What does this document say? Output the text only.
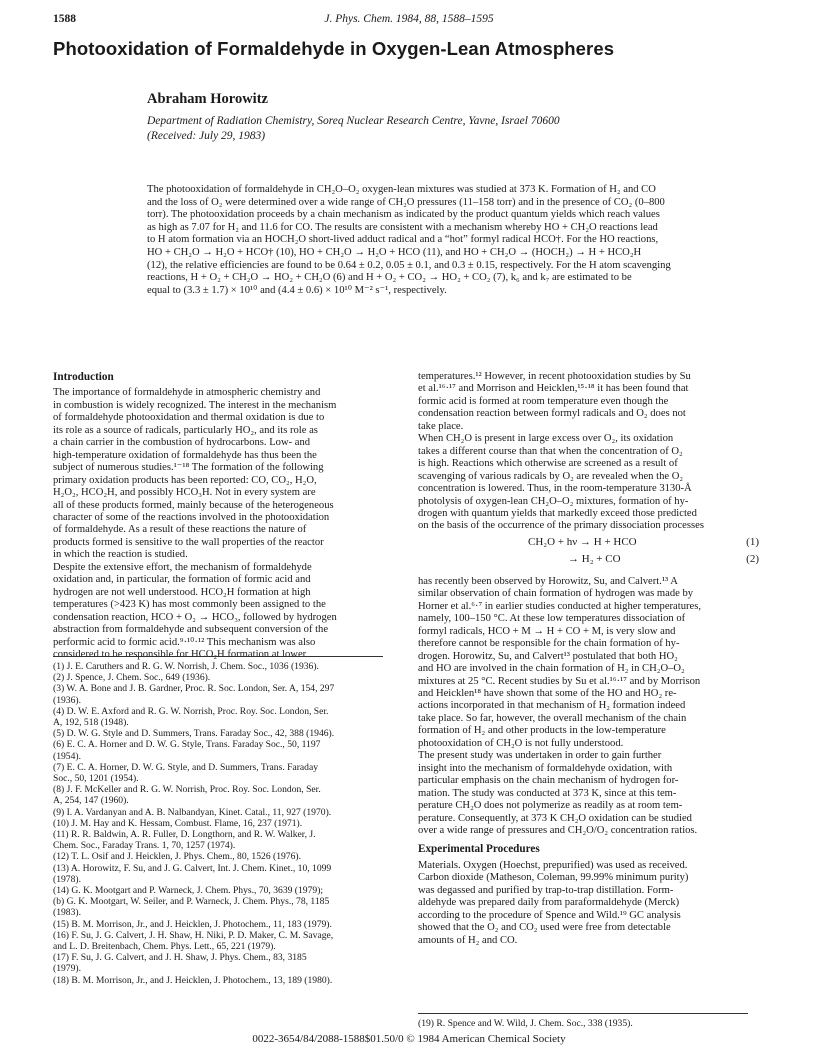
1588	J. Phys. Chem. 1984, 88, 1588–1595
Photooxidation of Formaldehyde in Oxygen-Lean Atmospheres
Abraham Horowitz
Department of Radiation Chemistry, Soreq Nuclear Research Centre, Yavne, Israel 70600
(Received: July 29, 1983)
The photooxidation of formaldehyde in CH₂O–O₂ oxygen-lean mixtures was studied at 373 K. Formation of H₂ and CO
and the loss of O₂ were determined over a wide range of CH₂O pressures (11–158 torr) and in the presence of CO₂ (0–800
torr). The photooxidation proceeds by a chain mechanism as indicated by the product quantum yields which reach values
as high as 7.07 for H₂ and 11.6 for CO. The results are consistent with a mechanism whereby HO + CH₂O reactions lead
to H atom formation via an HOCH₂O short-lived adduct radical and a “hot” formyl radical HCO†. For the HO reactions,
HO + CH₂O → H₂O + HCO† (10), HO + CH₂O → H₂O + HCO (11), and HO + CH₂O → (HOCH₂) → H + HCO₂H
(12), the relative efficiencies are found to be 0.64 ± 0.2, 0.05 ± 0.1, and 0.3 ± 0.15, respectively. For the H atom scavenging
reactions, H + O₂ + CH₂O → HO₂ + CH₂O (6) and H + O₂ + CO₂ → HO₂ + CO₂ (7), k₆ and k₇ are estimated to be
equal to (3.3 ± 1.7) × 10¹⁰ and (4.4 ± 0.6) × 10¹⁰ M⁻² s⁻¹, respectively.
Introduction
The importance of formaldehyde in atmospheric chemistry and
in combustion is widely recognized. The interest in the mechanism
of formaldehyde photooxidation and thermal oxidation is due to
its role as a source of radicals, particularly HO₂, and its role as
a chain carrier in the combustion of hydrocarbons. Low- and
high-temperature oxidation of formaldehyde has thus been the
subject of numerous studies.¹⁻¹⁸ The formation of the following
primary oxidation products has been reported: CO, CO₂, H₂O,
H₂O₂, HCO₂H, and possibly HCO₃H. Not in every system are
all of these products formed, mainly because of the heterogeneous
character of some of the reactions involved in the photooxidation
of formaldehyde. As a result of these reactions the nature of
products formed is sensitive to the wall properties of the reactor
in which the reaction is studied.
Despite the extensive effort, the mechanism of formaldehyde
oxidation and, in particular, the formation of formic acid and
hydrogen are not well understood. HCO₂H formation at high
temperatures (>423 K) has most commonly been assigned to the
condensation reaction, HCO + O₂ → HCO₃, followed by hydrogen
abstraction from formaldehyde and subsequent conversion of the
performic acid to formic acid.⁹·¹⁰·¹² This mechanism was also
considered to be responsible for HCO₂H formation at lower
(1) J. E. Caruthers and R. G. W. Norrish, J. Chem. Soc., 1036 (1936).
(2) J. Spence, J. Chem. Soc., 649 (1936).
(3) W. A. Bone and J. B. Gardner, Proc. R. Soc. London, Ser. A, 154, 297
(1936).
(4) D. W. E. Axford and R. G. W. Norrish, Proc. Roy. Soc. London, Ser.
A, 192, 518 (1948).
(5) D. W. G. Style and D. Summers, Trans. Faraday Soc., 42, 388 (1946).
(6) E. C. A. Horner and D. W. G. Style, Trans. Faraday Soc., 50, 1197
(1954).
(7) E. C. A. Horner, D. W. G. Style, and D. Summers, Trans. Faraday
Soc., 50, 1201 (1954).
(8) J. F. McKeller and R. G. W. Norrish, Proc. Roy. Soc. London, Ser.
A, 254, 147 (1960).
(9) I. A. Vardanyan and A. B. Nalbandyan, Kinet. Catal., 11, 927 (1970).
(10) J. M. Hay and K. Hessam, Combust. Flame, 16, 237 (1971).
(11) R. R. Baldwin, A. R. Fuller, D. Longthorn, and R. W. Walker, J.
Chem. Soc., Faraday Trans. 1, 70, 1257 (1974).
(12) T. L. Osif and J. Heicklen, J. Phys. Chem., 80, 1526 (1976).
(13) A. Horowitz, F. Su, and J. G. Calvert, Int. J. Chem. Kinet., 10, 1099
(1978).
(14) G. K. Mootgart and P. Warneck, J. Chem. Phys., 70, 3639 (1979);
(b) G. K. Mootgart, W. Seiler, and P. Warneck, J. Chem. Phys., 78, 1185
(1983).
(15) B. M. Morrison, Jr., and J. Heicklen, J. Photochem., 11, 183 (1979).
(16) F. Su, J. G. Calvert, J. H. Shaw, H. Niki, P. D. Maker, C. M. Savage,
and L. D. Breitenbach, Chem. Phys. Lett., 65, 221 (1979).
(17) F. Su, J. G. Calvert, and J. H. Shaw, J. Phys. Chem., 83, 3185
(1979).
(18) B. M. Morrison, Jr., and J. Heicklen, J. Photochem., 13, 189 (1980).
temperatures.¹² However, in recent photooxidation studies by Su
et al.¹⁶·¹⁷ and Morrison and Heicklen,¹⁵·¹⁸ it has been found that
formic acid is formed at room temperature even though the
condensation reaction between formyl radicals and O₂ does not
take place.
When CH₂O is present in large excess over O₂, its oxidation
takes a different course than that when the concentration of O₂
is high. Reactions which otherwise are screened as a result of
scavenging of various radicals by O₂ are revealed when the O₂
concentration is lowered. Thus, in the room-temperature 3130-Å
photolysis of oxygen-lean CH₂O–O₂ mixtures, formation of hy-
drogen with quantum yields that markedly exceed those predicted
on the basis of the occurrence of the primary dissociation processes
CH₂O + hν → H + HCO	(1)
→ H₂ + CO	(2)
has recently been observed by Horowitz, Su, and Calvert.¹³ A
similar observation of chain formation of hydrogen was made by
Horner et al.⁶·⁷ in earlier studies conducted at higher temperatures,
namely, 100–150 °C. At these low temperatures dissociation of
formyl radicals, HCO + M → H + CO + M, is very slow and
therefore cannot be responsible for the chain formation of hy-
drogen. Horowitz, Su, and Calvert¹³ postulated that both HO₂
and HO are involved in the chain formation of H₂ in CH₂O–O₂
mixtures at 25 °C. Recent studies by Su et al.¹⁶·¹⁷ and by Morrison
and Heicklen¹⁸ have shown that some of the HO and HO₂ re-
actions incorporated in that mechanism of H₂ formation indeed
take place. So far, however, the overall mechanism of the chain
formation of H₂ and other products in the low-temperature
photooxidation of CH₂O is not fully understood.
The present study was undertaken in order to gain further
insight into the mechanism of formaldehyde oxidation, with
particular emphasis on the chain mechanism of hydrogen for-
mation. The study was conducted at 373 K, since at this tem-
perature CH₂O does not polymerize as readily as at room tem-
perature. Consequently, at 373 K CH₂O oxidation can be studied
over a wide range of pressures and CH₂O/O₂ concentration ratios.
Experimental Procedures
Materials. Oxygen (Hoechst, prepurified) was used as received.
Carbon dioxide (Matheson, Coleman, 99.99% minimum purity)
was degassed and purified by trap-to-trap distillation. Form-
aldehyde was prepared daily from paraformaldehyde (Merck)
according to the procedure of Spence and Wild.¹⁹ GC analysis
showed that the O₂ and CO₂ used were free from detectable
amounts of H₂ and CO.
(19) R. Spence and W. Wild, J. Chem. Soc., 338 (1935).
0022-3654/84/2088-1588$01.50/0 © 1984 American Chemical Society
